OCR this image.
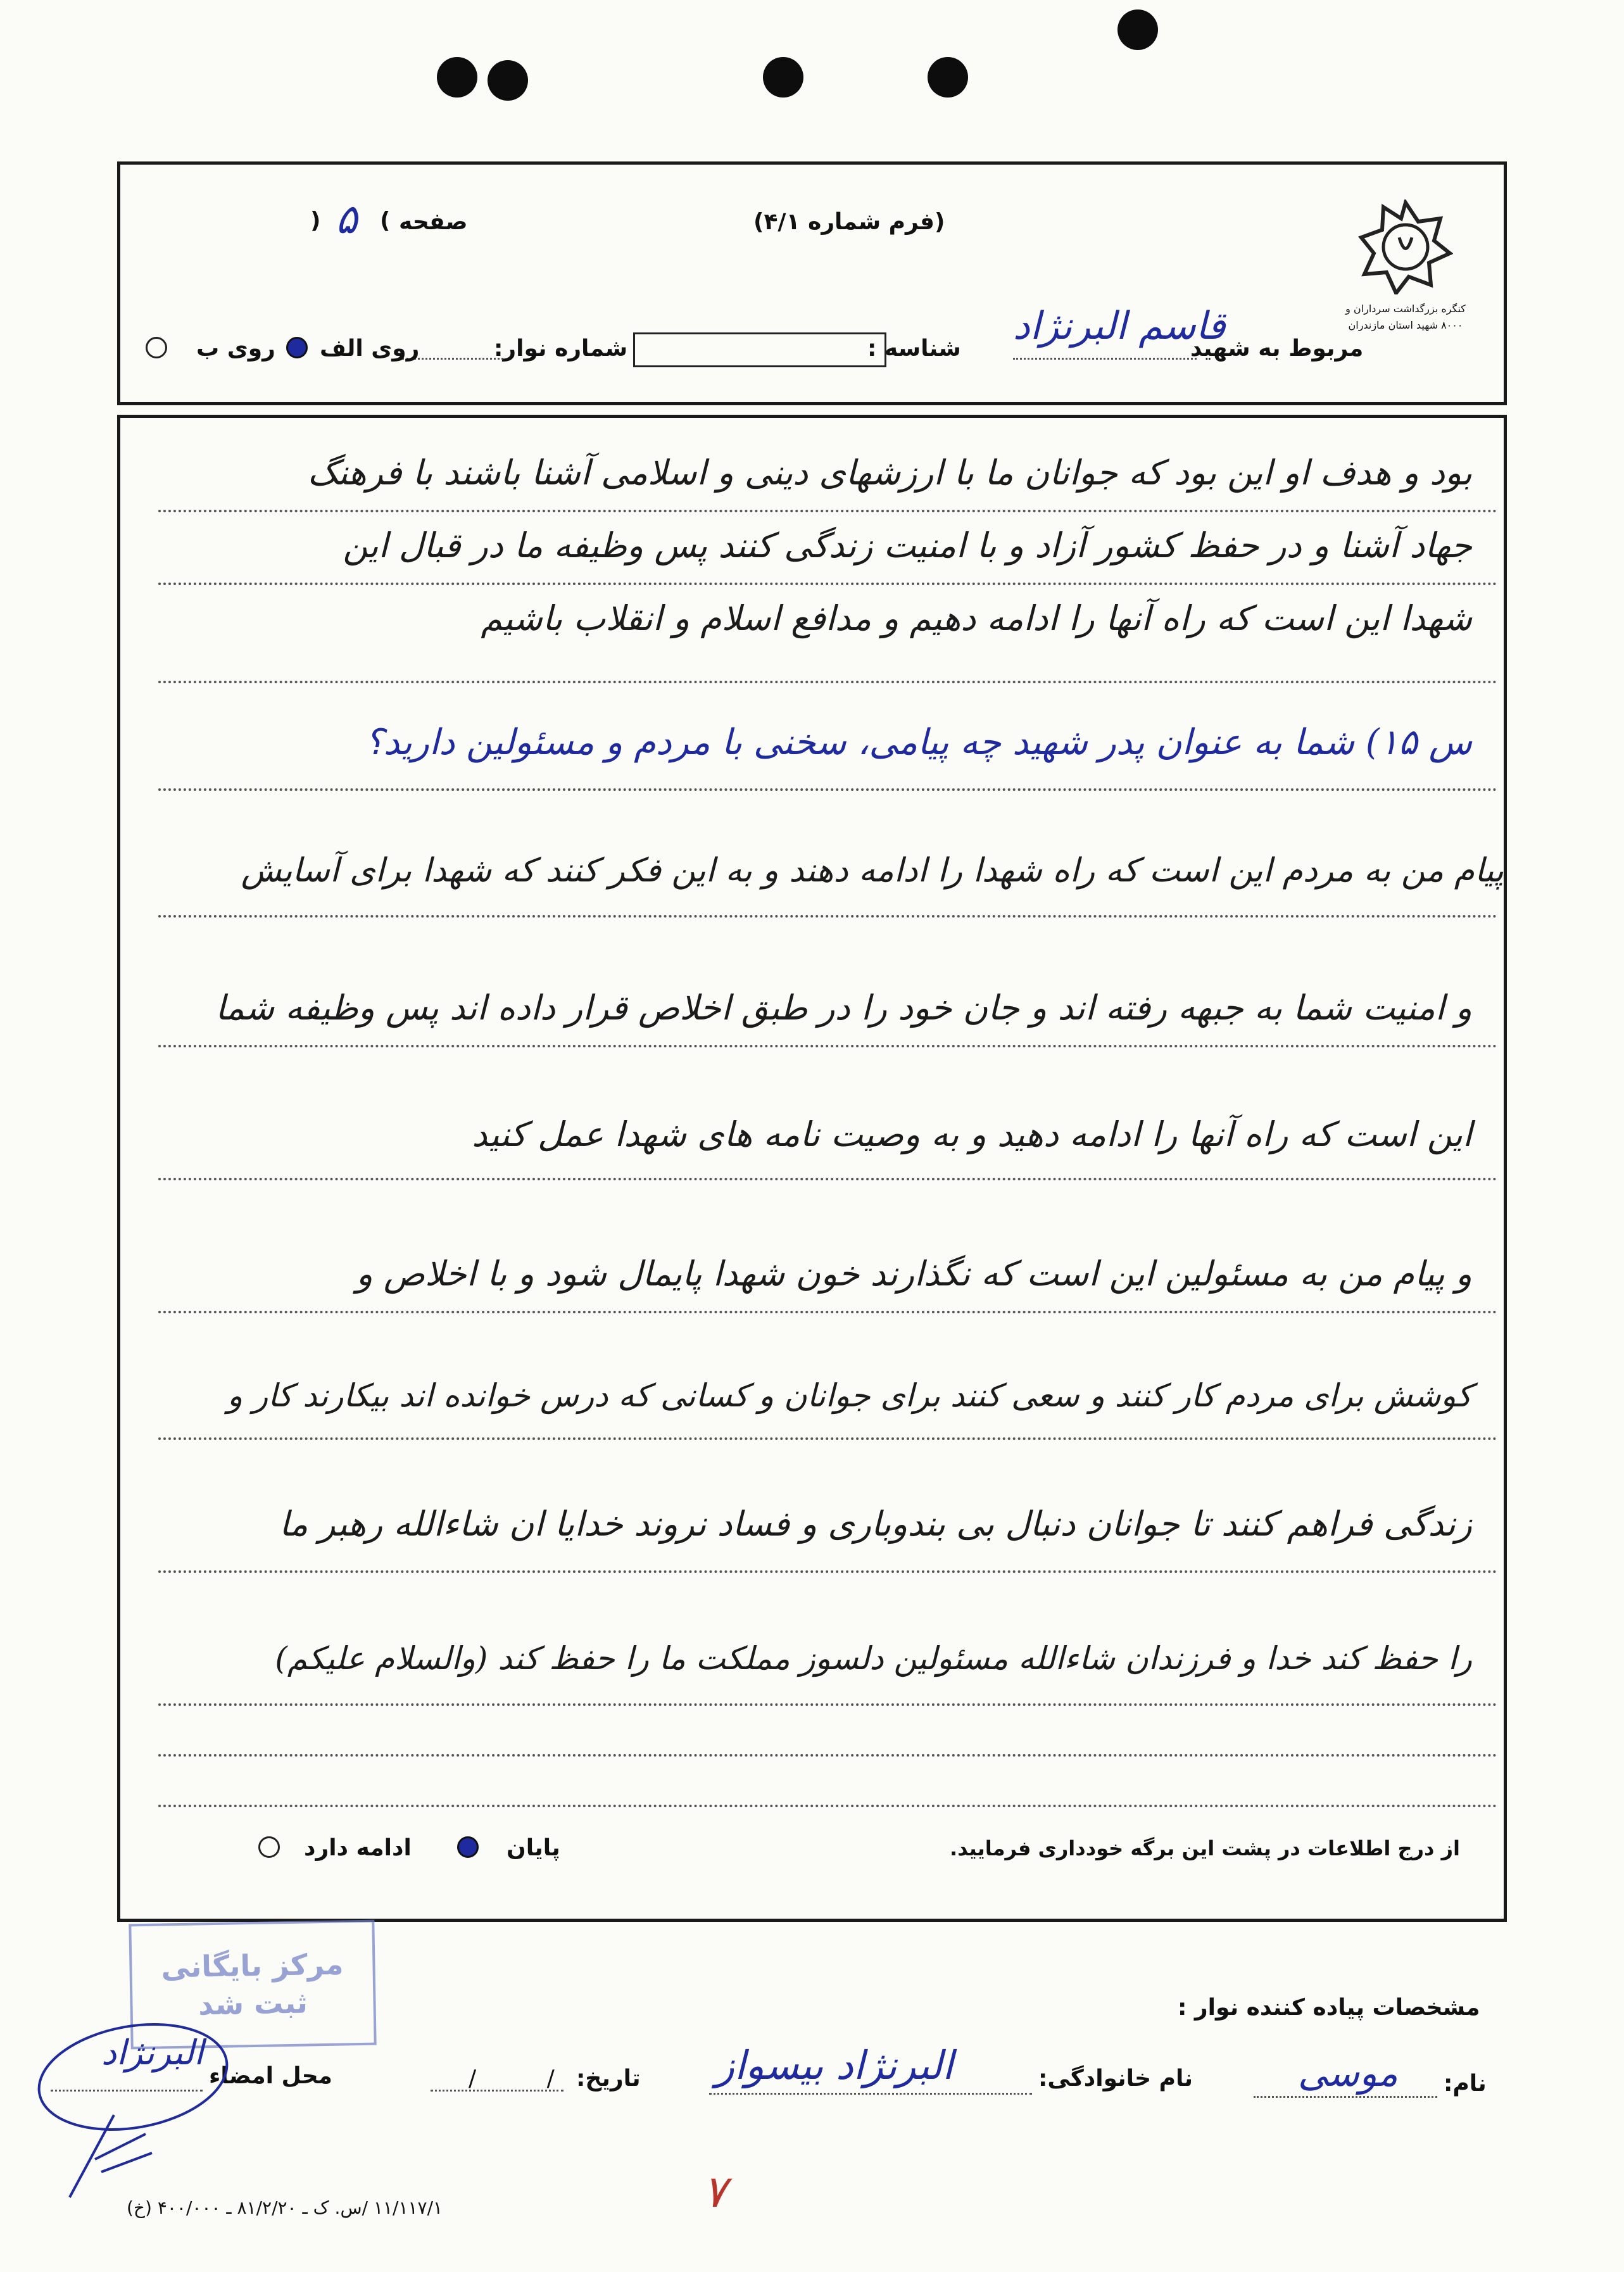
کنگره بزرگداشت سرداران و ۸۰۰۰ شهید استان مازندران
(فرم شماره ۴/۱)
صفحه
( ۵ )
مربوط به شهید
قاسم البرنژاد
شناسه :
شماره نوار:
روی الف
روی ب
بود و هدف او این بود که جوانان ما با ارزشهای دینی و اسلامی آشنا باشند با فرهنگ
جهاد آشنا و در حفظ کشور آزاد و با امنیت زندگی کنند پس وظیفه ما در قبال این
شهدا این است که راه آنها را ادامه دهیم و مدافع اسلام و انقلاب باشیم
س ۱۵) شما به عنوان پدر شهید چه پیامی، سخنی با مردم و مسئولین دارید؟
پیام من به مردم این است که راه شهدا را ادامه دهند و به این فکر کنند که شهدا برای آسایش
و امنیت شما به جبهه رفته اند و جان خود را در طبق اخلاص قرار داده اند پس وظیفه شما
این است که راه آنها را ادامه دهید و به وصیت نامه های شهدا عمل کنید
و پیام من به مسئولین این است که نگذارند خون شهدا پایمال شود و با اخلاص و
کوشش برای مردم کار کنند و سعی کنند برای جوانان و کسانی که درس خوانده اند بیکارند کار و
زندگی فراهم کنند تا جوانان دنبال بی بندوباری و فساد نروند خدایا ان شاءالله رهبر ما
را حفظ کند خدا و فرزندان شاءالله مسئولین دلسوز مملکت ما را حفظ کند (والسلام علیکم)
از درج اطلاعات در پشت این برگه خودداری فرمایید.
پایان
ادامه دارد
مرکز بایگانی ثبت شد	مشخصات پیاده کننده نوار :
نام:
موسی
نام خانوادگی:
البرنژاد بیسواز
تاریخ:
/ /
محل امضاء
البرنژاد
۱۱/۱۱۷/۱ /س. ک ـ ۸۱/۲/۲۰ ـ ۴۰۰/۰۰۰ (خ)	۷
